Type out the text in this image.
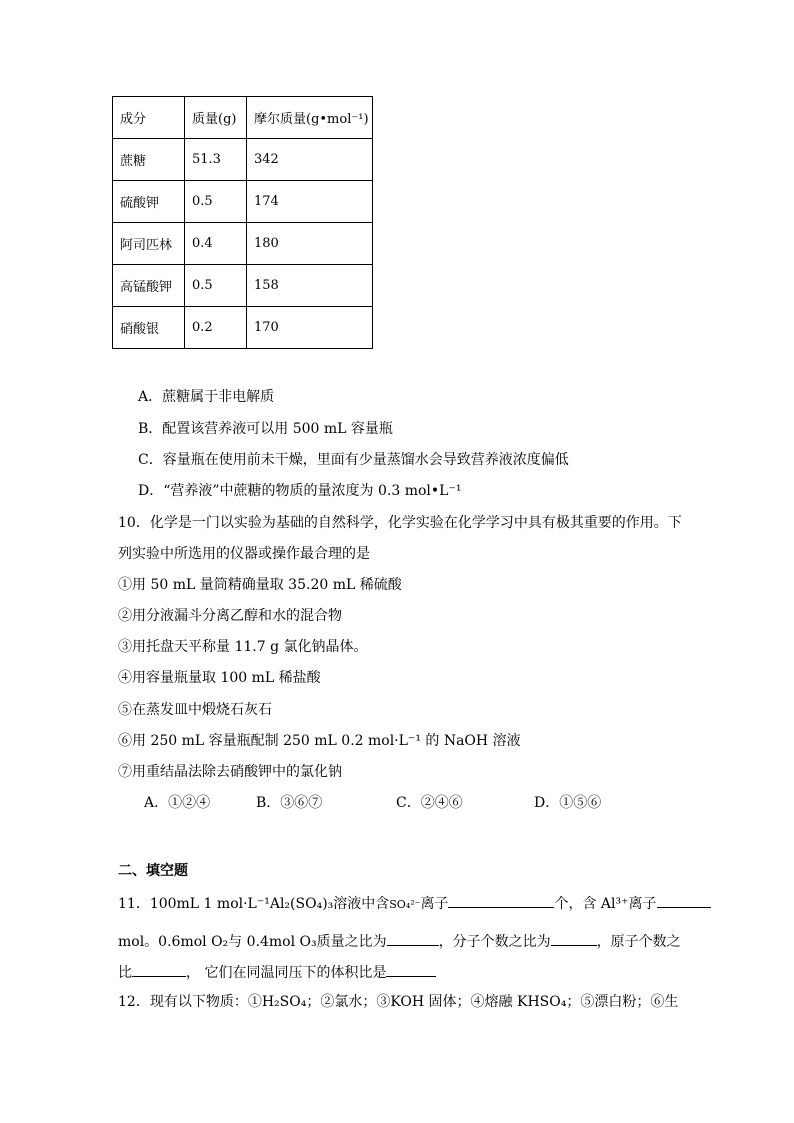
成分	质量(g)	摩尔质量(g•mol⁻¹)
蔗糖	51.3	342
硫酸钾	0.5	174
阿司匹林	0.4	180
高锰酸钾	0.5	158
硝酸银	0.2	170
A．蔗糖属于非电解质
B．配置该营养液可以用 500 mL 容量瓶
C．容量瓶在使用前未干燥，里面有少量蒸馏水会导致营养液浓度偏低
D．“营养液”中蔗糖的物质的量浓度为 0.3 mol•L⁻¹
10．化学是一门以实验为基础的自然科学，化学实验在化学学习中具有极其重要的作用。下
列实验中所选用的仪器或操作最合理的是
①用 50 mL 量筒精确量取 35.20 mL 稀硫酸
②用分液漏斗分离乙醇和水的混合物
③用托盘天平称量 11.7 g 氯化钠晶体。
④用容量瓶量取 100 mL 稀盐酸
⑤在蒸发皿中煅烧石灰石
⑥用 250 mL 容量瓶配制 250 mL 0.2 mol·L⁻¹ 的 NaOH 溶液
⑦用重结晶法除去硝酸钾中的氯化钠
A．①②④	B．③⑥⑦	C．②④⑥	D．①⑤⑥
二、填空题
11．100mL 1 mol·L⁻¹Al₂(SO₄)₃溶液中含SO₄²⁻离子	个，含 Al³⁺离子
mol。0.6mol O₂与 0.4mol O₃质量之比为	，分子个数之比为	，原子个数之
比	， 它们在同温同压下的体积比是
12．现有以下物质：①H₂SO₄；②氯水；③KOH 固体；④熔融 KHSO₄；⑤漂白粉；⑥生
